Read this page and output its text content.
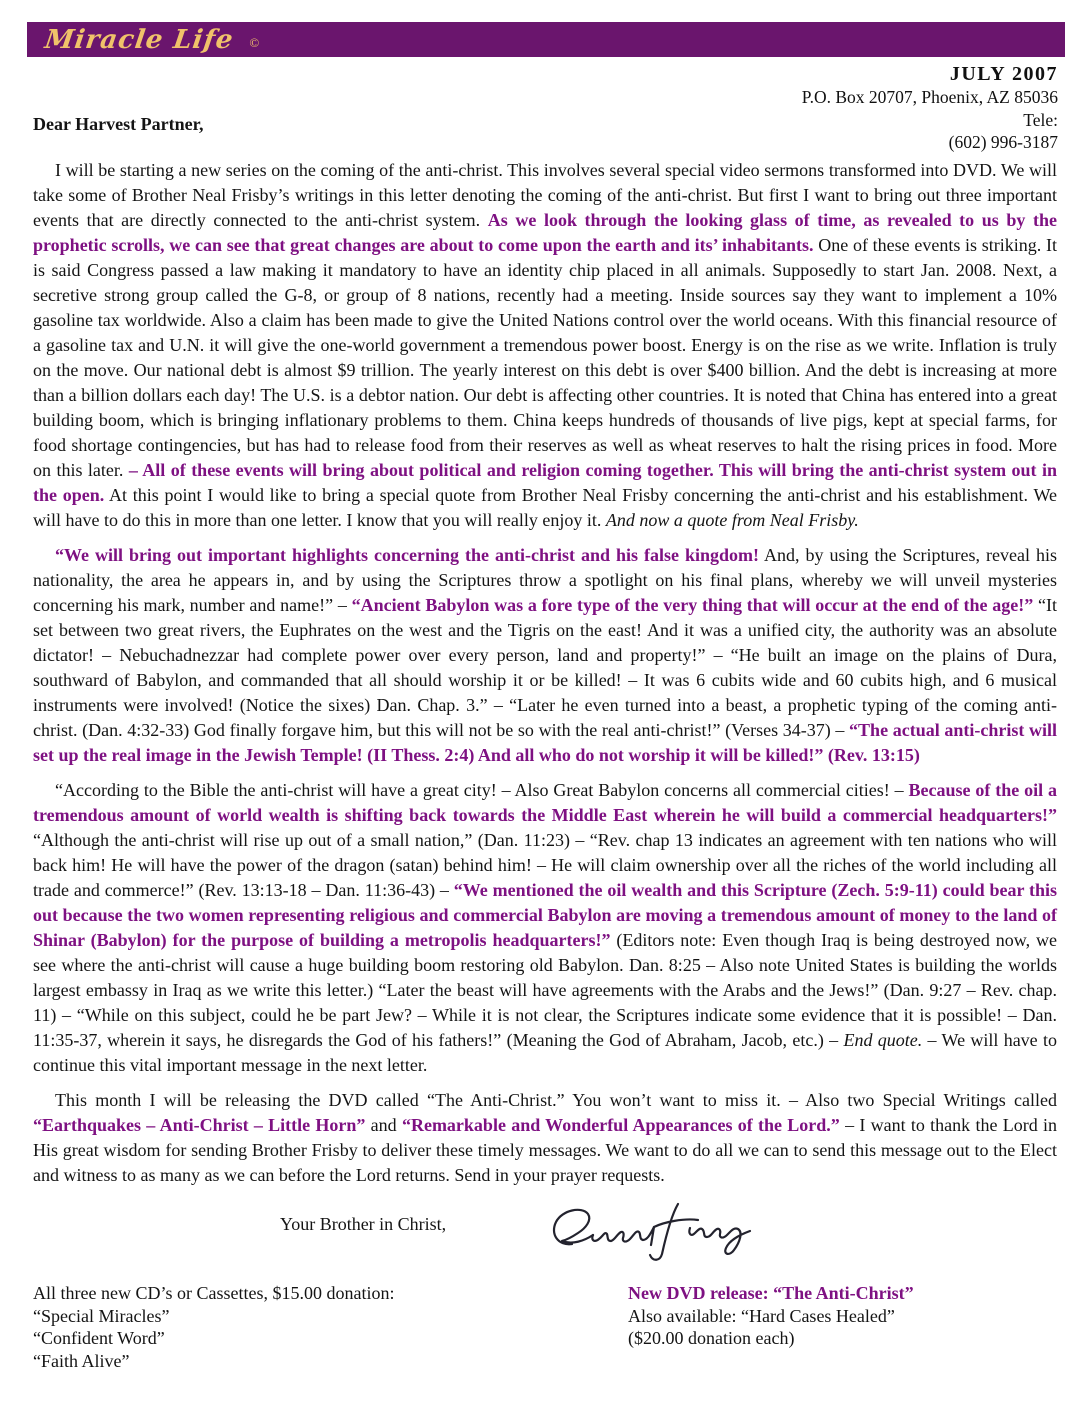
Miracle Life ©
JULY 2007
P.O. Box 20707, Phoenix, AZ 85036
Tele:
(602) 996-3187
Dear Harvest Partner,

I will be starting a new series on the coming of the anti-christ. This involves several special video sermons transformed into DVD. We will take some of Brother Neal Frisby’s writings in this letter denoting the coming of the anti-christ. But first I want to bring out three important events that are directly connected to the anti-christ system. As we look through the looking glass of time, as revealed to us by the prophetic scrolls, we can see that great changes are about to come upon the earth and its’ inhabitants. One of these events is striking. It is said Congress passed a law making it mandatory to have an identity chip placed in all animals. Supposedly to start Jan. 2008. Next, a secretive strong group called the G-8, or group of 8 nations, recently had a meeting. Inside sources say they want to implement a 10% gasoline tax worldwide. Also a claim has been made to give the United Nations control over the world oceans. With this financial resource of a gasoline tax and U.N. it will give the one-world government a tremendous power boost. Energy is on the rise as we write. Inflation is truly on the move. Our national debt is almost $9 trillion. The yearly interest on this debt is over $400 billion. And the debt is increasing at more than a billion dollars each day! The U.S. is a debtor nation. Our debt is affecting other countries. It is noted that China has entered into a great building boom, which is bringing inflationary problems to them. China keeps hundreds of thousands of live pigs, kept at special farms, for food shortage contingencies, but has had to release food from their reserves as well as wheat reserves to halt the rising prices in food. More on this later. – All of these events will bring about political and religion coming together. This will bring the anti-christ system out in the open. At this point I would like to bring a special quote from Brother Neal Frisby concerning the anti-christ and his establishment. We will have to do this in more than one letter. I know that you will really enjoy it. And now a quote from Neal Frisby.

“We will bring out important highlights concerning the anti-christ and his false kingdom! And, by using the Scriptures, reveal his nationality, the area he appears in, and by using the Scriptures throw a spotlight on his final plans, whereby we will unveil mysteries concerning his mark, number and name!” – “Ancient Babylon was a fore type of the very thing that will occur at the end of the age!” “It set between two great rivers, the Euphrates on the west and the Tigris on the east! And it was a unified city, the authority was an absolute dictator! – Nebuchadnezzar had complete power over every person, land and property!” – “He built an image on the plains of Dura, southward of Babylon, and commanded that all should worship it or be killed! – It was 6 cubits wide and 60 cubits high, and 6 musical instruments were involved! (Notice the sixes) Dan. Chap. 3.” – “Later he even turned into a beast, a prophetic typing of the coming anti-christ. (Dan. 4:32-33) God finally forgave him, but this will not be so with the real anti-christ!” (Verses 34-37) – “The actual anti-christ will set up the real image in the Jewish Temple! (II Thess. 2:4) And all who do not worship it will be killed!” (Rev. 13:15)

“According to the Bible the anti-christ will have a great city! – Also Great Babylon concerns all commercial cities! – Because of the oil a tremendous amount of world wealth is shifting back towards the Middle East wherein he will build a commercial headquarters!” “Although the anti-christ will rise up out of a small nation,” (Dan. 11:23) – “Rev. chap 13 indicates an agreement with ten nations who will back him! He will have the power of the dragon (satan) behind him! – He will claim ownership over all the riches of the world including all trade and commerce!” (Rev. 13:13-18 – Dan. 11:36-43) – “We mentioned the oil wealth and this Scripture (Zech. 5:9-11) could bear this out because the two women representing religious and commercial Babylon are moving a tremendous amount of money to the land of Shinar (Babylon) for the purpose of building a metropolis headquarters!” (Editors note: Even though Iraq is being destroyed now, we see where the anti-christ will cause a huge building boom restoring old Babylon. Dan. 8:25 – Also note United States is building the worlds largest embassy in Iraq as we write this letter.) “Later the beast will have agreements with the Arabs and the Jews!” (Dan. 9:27 – Rev. chap. 11) – “While on this subject, could he be part Jew? – While it is not clear, the Scriptures indicate some evidence that it is possible! – Dan. 11:35-37, wherein it says, he disregards the God of his fathers!” (Meaning the God of Abraham, Jacob, etc.) – End quote. – We will have to continue this vital important message in the next letter.

This month I will be releasing the DVD called “The Anti-Christ.” You won’t want to miss it. – Also two Special Writings called “Earthquakes – Anti-Christ – Little Horn” and “Remarkable and Wonderful Appearances of the Lord.” – I want to thank the Lord in His great wisdom for sending Brother Frisby to deliver these timely messages. We want to do all we can to send this message out to the Elect and witness to as many as we can before the Lord returns. Send in your prayer requests.

Your Brother in Christ,
All three new CD’s or Cassettes, $15.00 donation:
“Special Miracles”
“Confident Word”
“Faith Alive”
New DVD release: “The Anti-Christ”
Also available: “Hard Cases Healed”
($20.00 donation each)
